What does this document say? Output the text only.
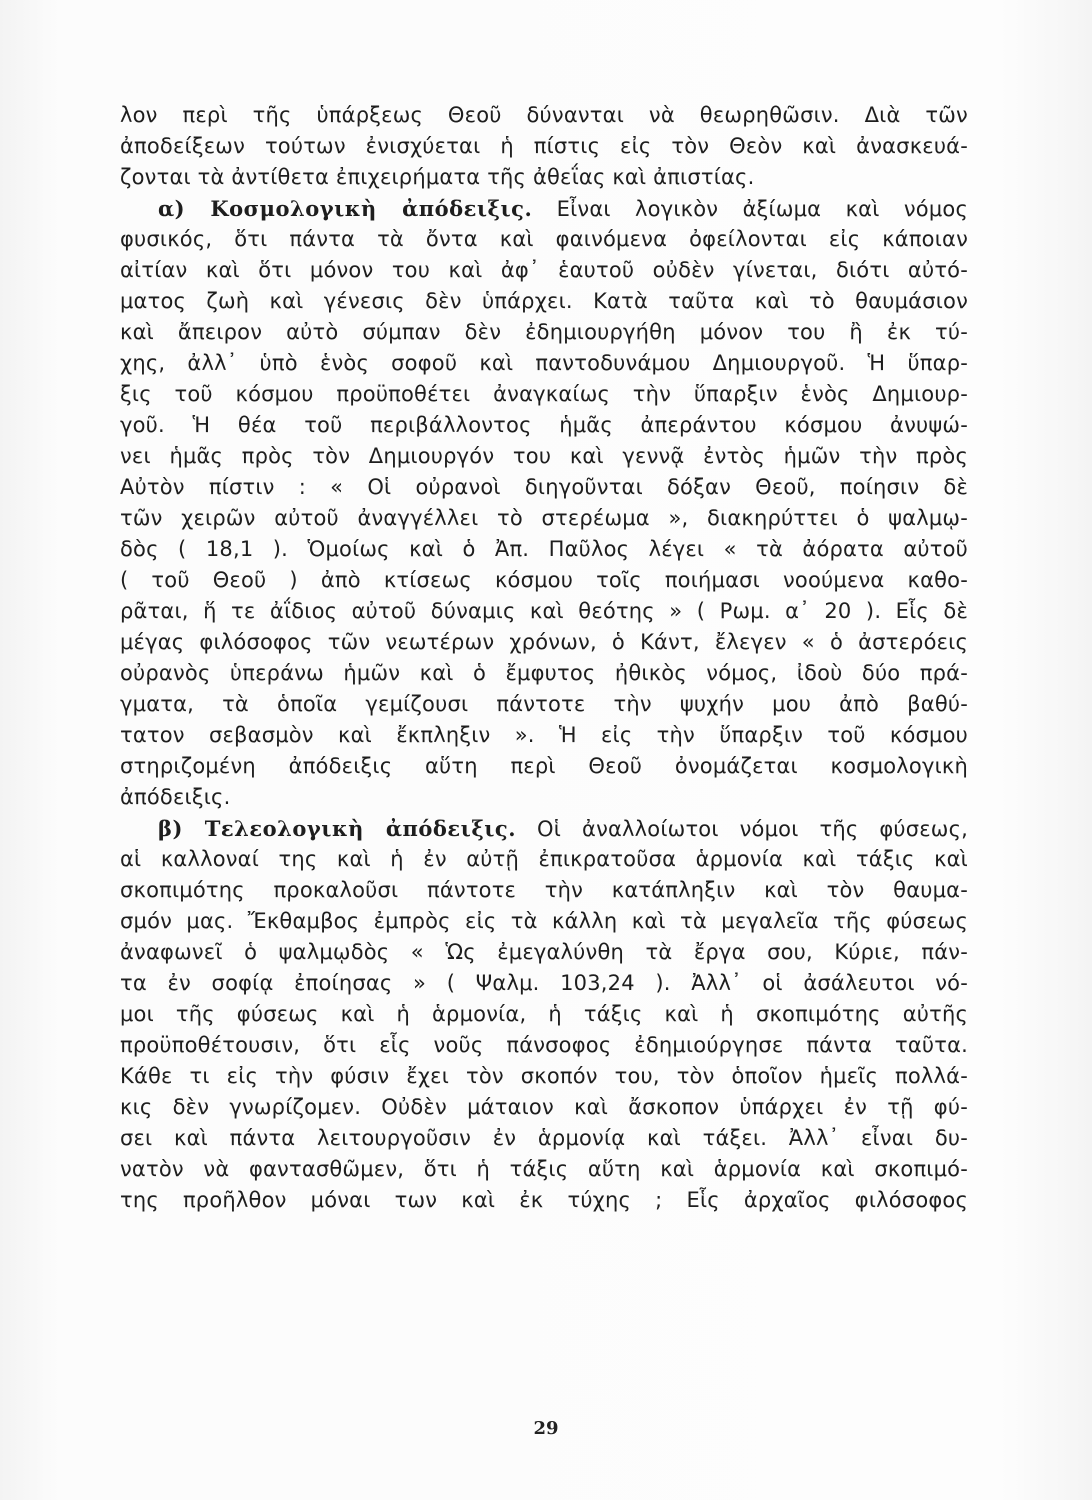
λον περὶ τῆς ὑπάρξεως Θεοῦ δύνανται νὰ θεωρηθῶσιν. Διὰ τῶν
ἀποδείξεων τούτων ἐνισχύεται ἡ πίστις εἰς τὸν Θεὸν καὶ ἀνασκευά-
ζονται τὰ ἀντίθετα ἐπιχειρήματα τῆς ἀθεΐας καὶ ἀπιστίας.
α) Κοσμολογικὴ ἀπόδειξις. Εἶναι λογικὸν ἀξίωμα καὶ νόμος
φυσικός, ὅτι πάντα τὰ ὄντα καὶ φαινόμενα ὀφείλονται εἰς κάποιαν
αἰτίαν καὶ ὅτι μόνον του καὶ ἀφ᾽ ἑαυτοῦ οὐδὲν γίνεται, διότι αὐτό-
ματος ζωὴ καὶ γένεσις δὲν ὑπάρχει. Κατὰ ταῦτα καὶ τὸ θαυμάσιον
καὶ ἄπειρον αὐτὸ σύμπαν δὲν ἐδημιουργήθη μόνον του ἢ ἐκ τύ-
χης, ἀλλ᾽ ὑπὸ ἑνὸς σοφοῦ καὶ παντοδυνάμου Δημιουργοῦ. Ἡ ὕπαρ-
ξις τοῦ κόσμου προϋποθέτει ἀναγκαίως τὴν ὕπαρξιν ἑνὸς Δημιουρ-
γοῦ. Ἡ θέα τοῦ περιβάλλοντος ἡμᾶς ἀπεράντου κόσμου ἀνυψώ-
νει ἡμᾶς πρὸς τὸν Δημιουργόν του καὶ γεννᾷ ἐντὸς ἡμῶν τὴν πρὸς
Αὐτὸν πίστιν : « Οἱ οὐρανοὶ διηγοῦνται δόξαν Θεοῦ, ποίησιν δὲ
τῶν χειρῶν αὐτοῦ ἀναγγέλλει τὸ στερέωμα », διακηρύττει ὁ ψαλμῳ-
δὸς ( 18,1 ). Ὁμοίως καὶ ὁ Ἀπ. Παῦλος λέγει « τὰ ἀόρατα αὐτοῦ
( τοῦ Θεοῦ ) ἀπὸ κτίσεως κόσμου τοῖς ποιήμασι νοούμενα καθο-
ρᾶται, ἥ τε ἀΐδιος αὐτοῦ δύναμις καὶ θεότης » ( Ρωμ. α᾽ 20 ). Εἷς δὲ
μέγας φιλόσοφος τῶν νεωτέρων χρόνων, ὁ Κάντ, ἔλεγεν « ὁ ἀστερόεις
οὐρανὸς ὑπεράνω ἡμῶν καὶ ὁ ἔμφυτος ἠθικὸς νόμος, ἰδοὺ δύο πρά-
γματα, τὰ ὁποῖα γεμίζουσι πάντοτε τὴν ψυχήν μου ἀπὸ βαθύ-
τατον σεβασμὸν καὶ ἔκπληξιν ». Ἡ εἰς τὴν ὕπαρξιν τοῦ κόσμου
στηριζομένη ἀπόδειξις αὕτη περὶ Θεοῦ ὀνομάζεται κοσμολογικὴ
ἀπόδειξις.
β) Τελεολογικὴ ἀπόδειξις. Οἱ ἀναλλοίωτοι νόμοι τῆς φύσεως,
αἱ καλλοναί της καὶ ἡ ἐν αὐτῇ ἐπικρατοῦσα ἁρμονία καὶ τάξις καὶ
σκοπιμότης προκαλοῦσι πάντοτε τὴν κατάπληξιν καὶ τὸν θαυμα-
σμόν μας. Ἔκθαμβος ἐμπρὸς εἰς τὰ κάλλη καὶ τὰ μεγαλεῖα τῆς φύσεως
ἀναφωνεῖ ὁ ψαλμῳδὸς « Ὡς ἐμεγαλύνθη τὰ ἔργα σου, Κύριε, πάν-
τα ἐν σοφίᾳ ἐποίησας » ( Ψαλμ. 103,24 ). Ἀλλ᾽ οἱ ἀσάλευτοι νό-
μοι τῆς φύσεως καὶ ἡ ἁρμονία, ἡ τάξις καὶ ἡ σκοπιμότης αὐτῆς
προϋποθέτουσιν, ὅτι εἷς νοῦς πάνσοφος ἐδημιούργησε πάντα ταῦτα.
Κάθε τι εἰς τὴν φύσιν ἔχει τὸν σκοπόν του, τὸν ὁποῖον ἡμεῖς πολλά-
κις δὲν γνωρίζομεν. Οὐδὲν μάταιον καὶ ἄσκοπον ὑπάρχει ἐν τῇ φύ-
σει καὶ πάντα λειτουργοῦσιν ἐν ἁρμονίᾳ καὶ τάξει. Ἀλλ᾽ εἶναι δυ-
νατὸν νὰ φαντασθῶμεν, ὅτι ἡ τάξις αὕτη καὶ ἁρμονία καὶ σκοπιμό-
της προῆλθον μόναι των καὶ ἐκ τύχης ; Εἷς ἀρχαῖος φιλόσοφος
29
